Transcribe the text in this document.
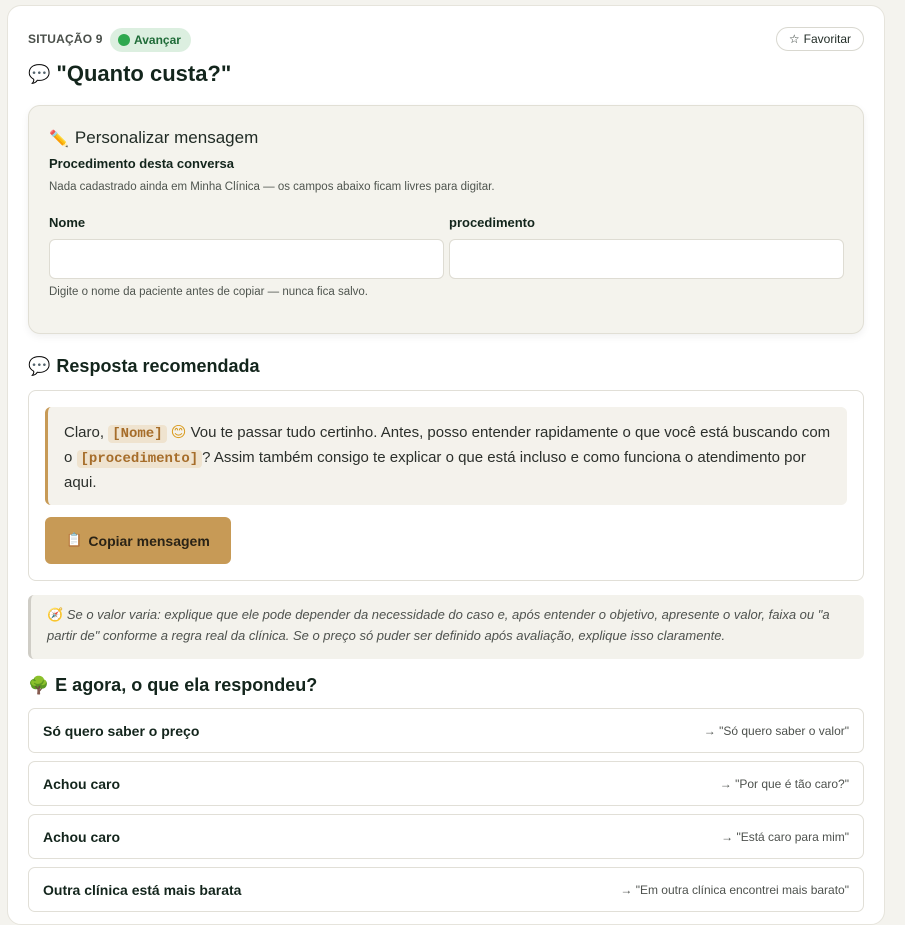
SITUAÇÃO 9	Avançar	☆ Favoritar
💬 "Quanto custa?"
✏️ Personalizar mensagem
Procedimento desta conversa
Nada cadastrado ainda em Minha Clínica — os campos abaixo ficam livres para digitar.
Nome	procedimento
Digite o nome da paciente antes de copiar — nunca fica salvo.
💬 Resposta recomendada
Claro, [Nome] 😊 Vou te passar tudo certinho. Antes, posso entender rapidamente o que você está buscando com o [procedimento] ? Assim também consigo te explicar o que está incluso e como funciona o atendimento por aqui.
📋 Copiar mensagem
🧭 Se o valor varia: explique que ele pode depender da necessidade do caso e, após entender o objetivo, apresente o valor, faixa ou "a partir de" conforme a regra real da clínica. Se o preço só puder ser definido após avaliação, explique isso claramente.
🌳 E agora, o que ela respondeu?
Só quero saber o preço	→ "Só quero saber o valor"
Achou caro	→ "Por que é tão caro?"
Achou caro	→ "Está caro para mim"
Outra clínica está mais barata	→ "Em outra clínica encontrei mais barato"
